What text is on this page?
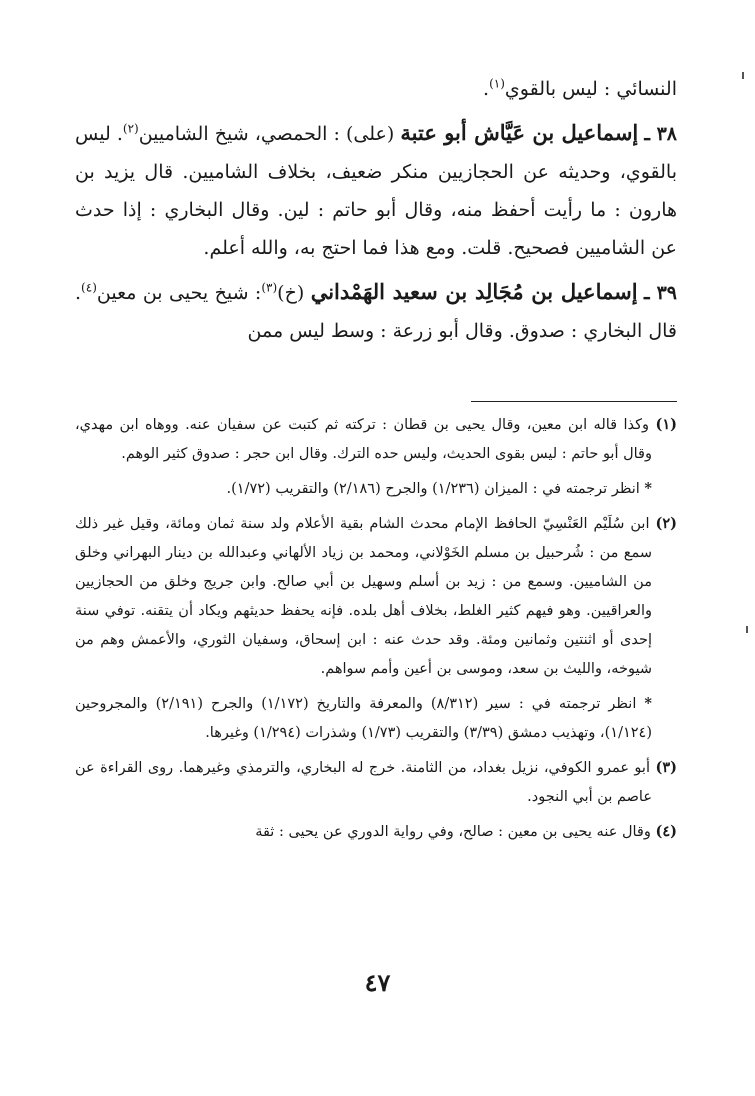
النسائي : ليس بالقوي$^{(١)}$.

٣٨ ـ إسماعيل بن عَيَّاش أبو عتبة (على) : الحمصي، شيخ الشاميين$^{(٢)}$. ليس بالقوي، وحديثه عن الحجازيين منكر ضعيف، بخلاف الشاميين. قال يزيد بن هارون : ما رأيت أحفظ منه، وقال أبو حاتم : لين. وقال البخاري : إذا حدث عن الشاميين فصحيح. قلت. ومع هذا فما احتج به، والله أعلم.

٣٩ ـ إسماعيل بن مُجَالِد بن سعيد الهَمْداني (خ)$^{(٣)}$: شيخ يحيى بن معين$^{(٤)}$. قال البخاري : صدوق. وقال أبو زرعة : وسط ليس ممن

(١) وكذا قاله ابن معين، وقال يحيى بن قطان : تركته ثم كتبت عن سفيان عنه. ووهاه ابن مهدي، وقال أبو حاتم : ليس بقوى الحديث، وليس حده الترك. وقال ابن حجر : صدوق كثير الوهم.

* انظر ترجمته في : الميزان (١/٢٣٦) والجرح (٢/١٨٦) والتقريب (١/٧٢).

(٢) ابن سُلَيْم العَنْسِيّ الحافظ الإمام محدث الشام بقية الأعلام ولد سنة ثمان ومائة، وقيل غير ذلك سمع من : شُرحبيل بن مسلم الخَوْلاني، ومحمد بن زياد الألهاني وعبدالله بن دينار البهراني وخلق من الشاميين. وسمع من : زيد بن أسلم وسهيل بن أبي صالح. وابن جريج وخلق من الحجازيين والعراقيين. وهو فيهم كثير الغلط، بخلاف أهل بلده. فإنه يحفظ حديثهم ويكاد أن يتقنه. توفي سنة إحدى أو اثنتين وثمانين ومئة. وقد حدث عنه : ابن إسحاق، وسفيان الثوري، والأعمش وهم من شيوخه، والليث بن سعد، وموسى بن أعين وأمم سواهم.

* انظر ترجمته في : سير (٨/٣١٢) والمعرفة والتاريخ (١/١٧٢) والجرح (٢/١٩١) والمجروحين (١/١٢٤)، وتهذيب دمشق (٣/٣٩) والتقريب (١/٧٣) وشذرات (١/٢٩٤) وغيرها.

(٣) أبو عمرو الكوفي، نزيل بغداد، من الثامنة. خرج له البخاري، والترمذي وغيرهما. روى القراءة عن عاصم بن أبي النجود.

(٤) وقال عنه يحيى بن معين : صالح، وفي رواية الدوري عن يحيى : ثقة

٤٧
